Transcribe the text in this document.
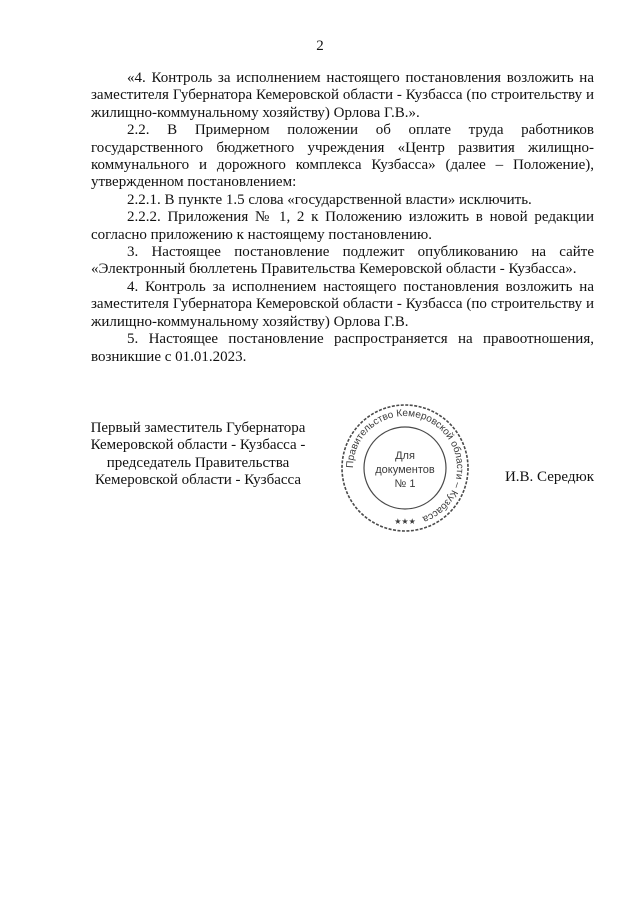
2

«4. Контроль за исполнением настоящего постановления возложить на заместителя Губернатора Кемеровской области - Кузбасса (по строительству и жилищно-коммунальному хозяйству) Орлова Г.В.».

2.2. В Примерном положении об оплате труда работников государственного бюджетного учреждения «Центр развития жилищно-коммунального и дорожного комплекса Кузбасса» (далее – Положение), утвержденном постановлением:

2.2.1. В пункте 1.5 слова «государственной власти» исключить.

2.2.2. Приложения № 1, 2 к Положению изложить в новой редакции согласно приложению к настоящему постановлению.

3. Настоящее постановление подлежит опубликованию на сайте «Электронный бюллетень Правительства Кемеровской области - Кузбасса».

4. Контроль за исполнением настоящего постановления возложить на заместителя Губернатора Кемеровской области - Кузбасса (по строительству и жилищно-коммунальному хозяйству) Орлова Г.В.

5. Настоящее постановление распространяется на правоотношения, возникшие с 01.01.2023.

Первый заместитель Губернатора
Кемеровской области - Кузбасса -
председатель Правительства
Кемеровской области - Кузбасса
Правительство Кемеровской области – Кузбасса
Для
документов
№ 1
★★★
И.В. Середюк
